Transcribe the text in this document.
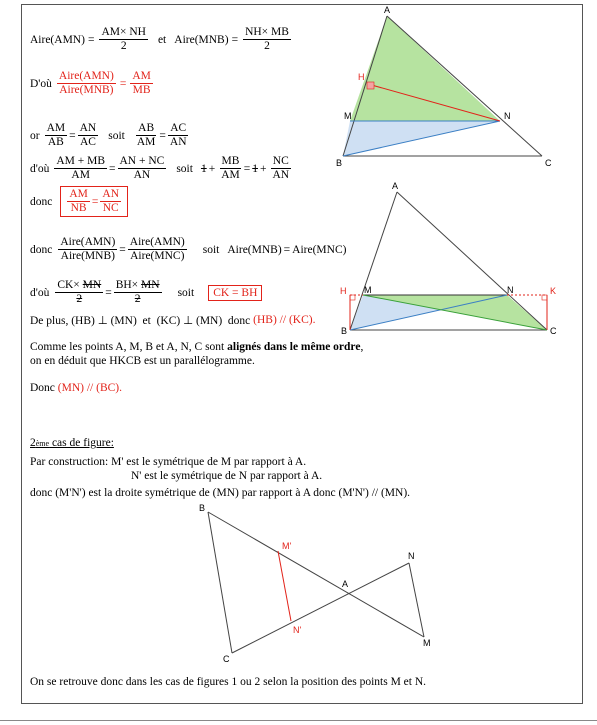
Aire(AMN) = $\frac{AM\times NH}{2}$ et Aire(MNB) = $\frac{NH\times MB}{2}$
D'où $\frac{\text{Aire(AMN)}}{\text{Aire(MNB)}} = \frac{AM}{MB}$
or $\frac{AM}{AB} = \frac{AN}{AC}$ soit $\frac{AB}{AM} = \frac{AC}{AN}$
d'où $\frac{AM + MB}{AM} = \frac{AN + NC}{AN}$ soit $1 + \frac{MB}{AM} = 1 + \frac{NC}{AN}$
donc $\frac{AM}{NB} = \frac{AN}{NC}$
donc $\frac{\text{Aire(AMN)}}{\text{Aire(MNB)}} = \frac{\text{Aire(AMN)}}{\text{Aire(MNC)}}$ soit Aire(MNB) = Aire(MNC)
d'où $\frac{CK\times MN}{2} = \frac{BH\times MN}{2}$ soit	CK = BH
De plus, (HB) ⊥ (MN)  et  (KC) ⊥ (MN)  donc (HB) // (KC).
Comme les points A, M, B et A, N, C sont alignés dans le même ordre ,
on en déduit que HKCB est un parallélogramme.
Donc (MN) // (BC).
2 ème cas de figure:
Par construction: M' est le symétrique de M par rapport à A.
N' est le symétrique de N par rapport à A.
donc (M'N') est la droite symétrique de (MN) par rapport à A donc (M'N') // (MN).
On se retrouve donc dans les cas de figures 1 ou 2 selon la position des points M et N.
A
H
M	N
B	C
A
H M	N	K
B	C
B
M'
N
A
N'
M
C
